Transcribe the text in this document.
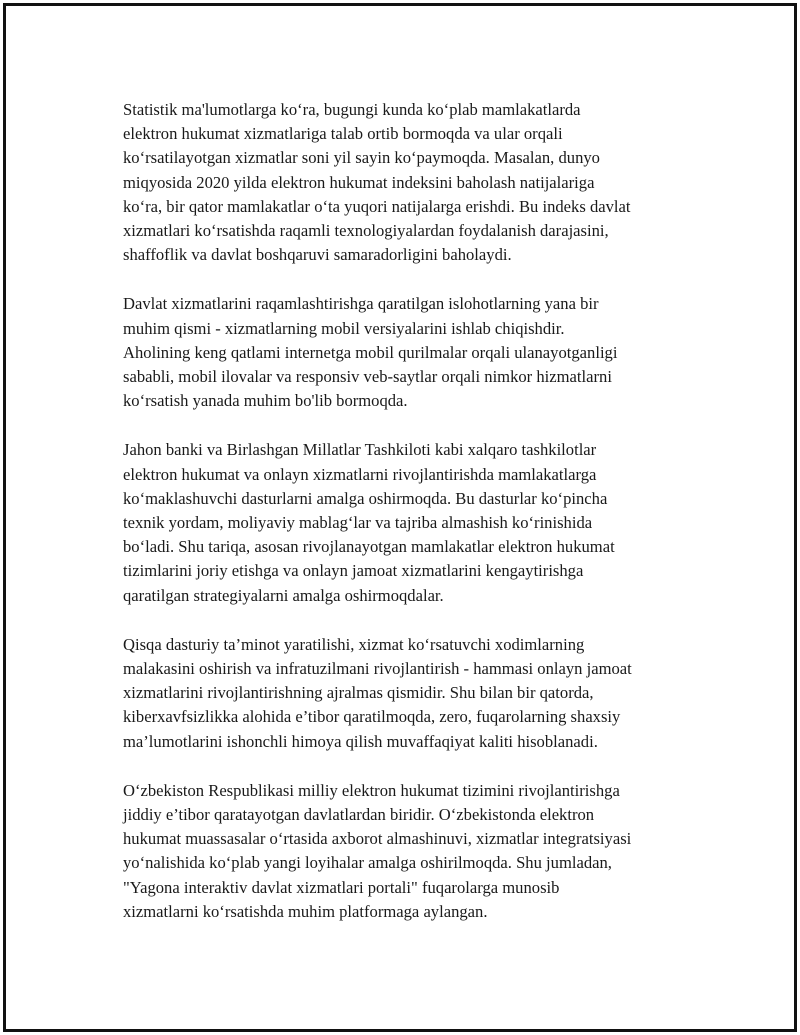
Statistik ma'lumotlarga ko‘ra, bugungi kunda ko‘plab mamlakatlarda
elektron hukumat xizmatlariga talab ortib bormoqda va ular orqali
ko‘rsatilayotgan xizmatlar soni yil sayin ko‘paymoqda. Masalan, dunyo
miqyosida 2020 yilda elektron hukumat indeksini baholash natijalariga
ko‘ra, bir qator mamlakatlar o‘ta yuqori natijalarga erishdi. Bu indeks davlat
xizmatlari ko‘rsatishda raqamli texnologiyalardan foydalanish darajasini,
shaffoflik va davlat boshqaruvi samaradorligini baholaydi.

Davlat xizmatlarini raqamlashtirishga qaratilgan islohotlarning yana bir
muhim qismi - xizmatlarning mobil versiyalarini ishlab chiqishdir.
Aholining keng qatlami internetga mobil qurilmalar orqali ulanayotganligi
sababli, mobil ilovalar va responsiv veb-saytlar orqali nimkor hizmatlarni
ko‘rsatish yanada muhim bo'lib bormoqda.

Jahon banki va Birlashgan Millatlar Tashkiloti kabi xalqaro tashkilotlar
elektron hukumat va onlayn xizmatlarni rivojlantirishda mamlakatlarga
ko‘maklashuvchi dasturlarni amalga oshirmoqda. Bu dasturlar ko‘pincha
texnik yordam, moliyaviy mablag‘lar va tajriba almashish ko‘rinishida
bo‘ladi. Shu tariqa, asosan rivojlanayotgan mamlakatlar elektron hukumat
tizimlarini joriy etishga va onlayn jamoat xizmatlarini kengaytirishga
qaratilgan strategiyalarni amalga oshirmoqdalar.

Qisqa dasturiy ta’minot yaratilishi, xizmat ko‘rsatuvchi xodimlarning
malakasini oshirish va infratuzilmani rivojlantirish - hammasi onlayn jamoat
xizmatlarini rivojlantirishning ajralmas qismidir. Shu bilan bir qatorda,
kiberxavfsizlikka alohida e’tibor qaratilmoqda, zero, fuqarolarning shaxsiy
ma’lumotlarini ishonchli himoya qilish muvaffaqiyat kaliti hisoblanadi.

O‘zbekiston Respublikasi milliy elektron hukumat tizimini rivojlantirishga
jiddiy e’tibor qaratayotgan davlatlardan biridir. O‘zbekistonda elektron
hukumat muassasalar o‘rtasida axborot almashinuvi, xizmatlar integratsiyasi
yo‘nalishida ko‘plab yangi loyihalar amalga oshirilmoqda. Shu jumladan,
"Yagona interaktiv davlat xizmatlari portali" fuqarolarga munosib
xizmatlarni ko‘rsatishda muhim platformaga aylangan.
